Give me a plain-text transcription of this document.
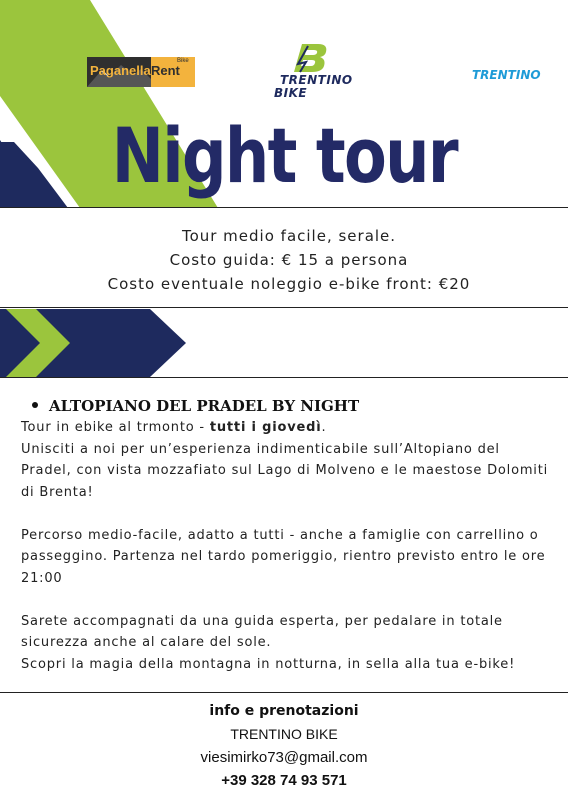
Paganella Rent
Bike
TRENTINO
BIKE
TRENTINO
Night tour
Tour medio facile, serale.
Costo guida: € 15 a persona
Costo eventuale noleggio e-bike front: €20
ALTOPIANO DEL PRADEL BY NIGHT

Tour in ebike al trmonto - tutti i giovedì.

Unisciti a noi per un’esperienza indimenticabile sull’Altopiano del Pradel, con vista mozzafiato sul Lago di Molveno e le maestose Dolomiti di Brenta!

Percorso medio-facile, adatto a tutti - anche a famiglie con carrellino o passeggino. Partenza nel tardo pomeriggio, rientro previsto entro le ore 21:00

Sarete accompagnati da una guida esperta, per pedalare in totale sicurezza anche al calare del sole.

Scopri la magia della montagna in notturna, in sella alla tua e-bike!

info e prenotazioni
TRENTINO BIKE
viesimirko73@gmail.com
+39 328 74 93 571
